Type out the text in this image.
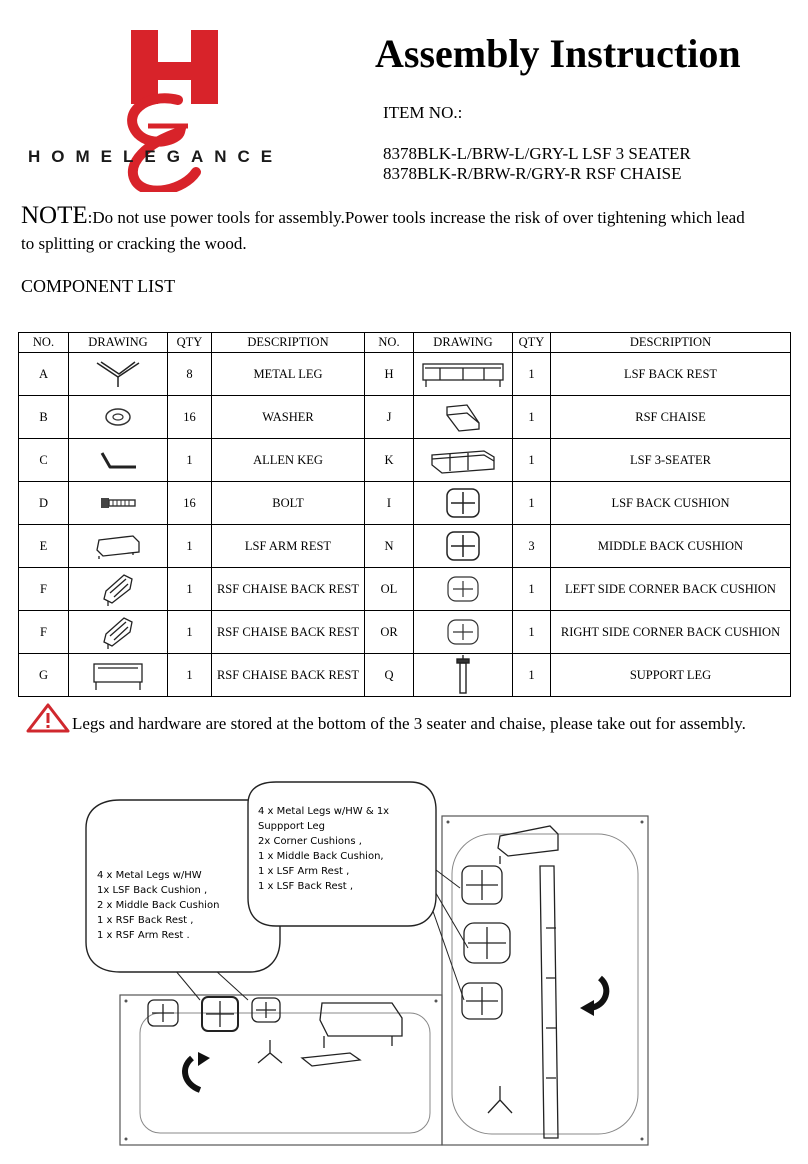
HOMELEGANCE
Assembly Instruction
ITEM NO.:
8378BLK-L/BRW-L/GRY-L LSF 3 SEATER
8378BLK-R/BRW-R/GRY-R RSF CHAISE
NOTE:Do not use power tools for assembly.Power tools increase the risk of over tightening which lead to splitting or cracking the wood.
COMPONENT LIST
NO.	DRAWING	QTY	DESCRIPTION	NO.	DRAWING	QTY	DESCRIPTION
A		8	METAL LEG	H		1	LSF BACK REST
B		16	WASHER	J		1	RSF CHAISE
C		1	ALLEN KEG	K		1	LSF 3-SEATER
D		16	BOLT	I		1	LSF BACK CUSHION
E		1	LSF ARM REST	N		3	MIDDLE BACK CUSHION
F		1	RSF CHAISE BACK REST	OL		1	LEFT SIDE CORNER BACK CUSHION
F		1	RSF CHAISE BACK REST	OR		1	RIGHT SIDE CORNER BACK CUSHION
G		1	RSF CHAISE BACK REST	Q		1	SUPPORT LEG
Legs and hardware are stored at the bottom of the 3 seater and chaise, please take out for assembly.
4 x Metal Legs w/HW
1x LSF Back Cushion ,
2 x Middle Back Cushion
1 x RSF Back Rest ,
1 x RSF Arm Rest .
4 x Metal Legs w/HW & 1x
Suppport Leg
2x Corner Cushions ,
1 x Middle Back Cushion,
1 x LSF Arm Rest ,
1 x LSF Back Rest ,
